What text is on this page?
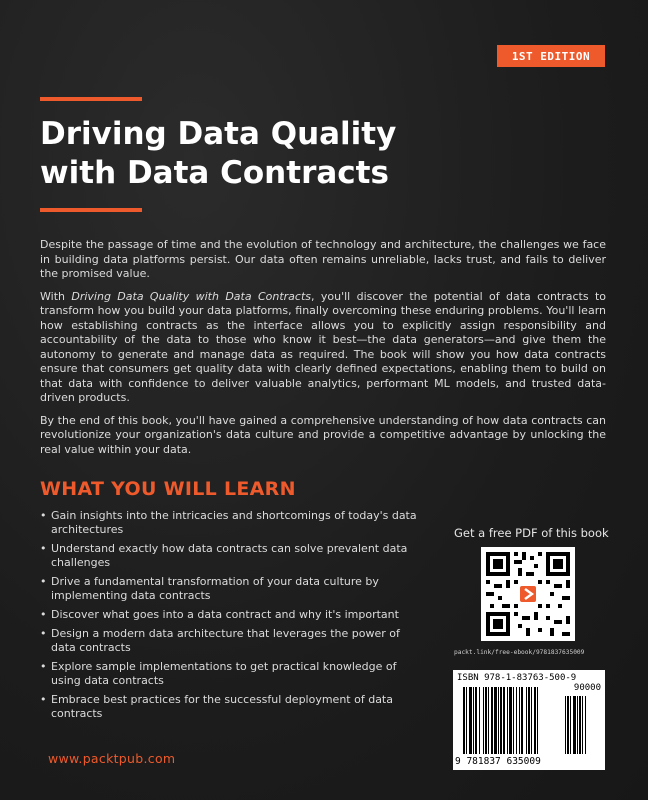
1ST EDITION
Driving Data Quality with Data Contracts

Despite the passage of time and the evolution of technology and architecture, the challenges we face in building data platforms persist. Our data often remains unreliable, lacks trust, and fails to deliver the promised value.

With Driving Data Quality with Data Contracts, you'll discover the potential of data contracts to transform how you build your data platforms, finally overcoming these enduring problems. You'll learn how establishing contracts as the interface allows you to explicitly assign responsibility and accountability of the data to those who know it best—the data generators—and give them the autonomy to generate and manage data as required. The book will show you how data contracts ensure that consumers get quality data with clearly defined expectations, enabling them to build on that data with confidence to deliver valuable analytics, performant ML models, and trusted data-driven products.

By the end of this book, you'll have gained a comprehensive understanding of how data contracts can revolutionize your organization's data culture and provide a competitive advantage by unlocking the real value within your data.

WHAT YOU WILL LEARN
• Gain insights into the intricacies and shortcomings of today's data architectures
• Understand exactly how data contracts can solve prevalent data challenges
• Drive a fundamental transformation of your data culture by implementing data contracts
• Discover what goes into a data contract and why it's important
• Design a modern data architecture that leverages the power of data contracts
• Explore sample implementations to get practical knowledge of using data contracts
• Embrace best practices for the successful deployment of data contracts
www.packtpub.com
Get a free PDF of this book
packt.link/free-ebook/9781837635009
ISBN 978-1-83763-500-9
90000
9 781837 635009
